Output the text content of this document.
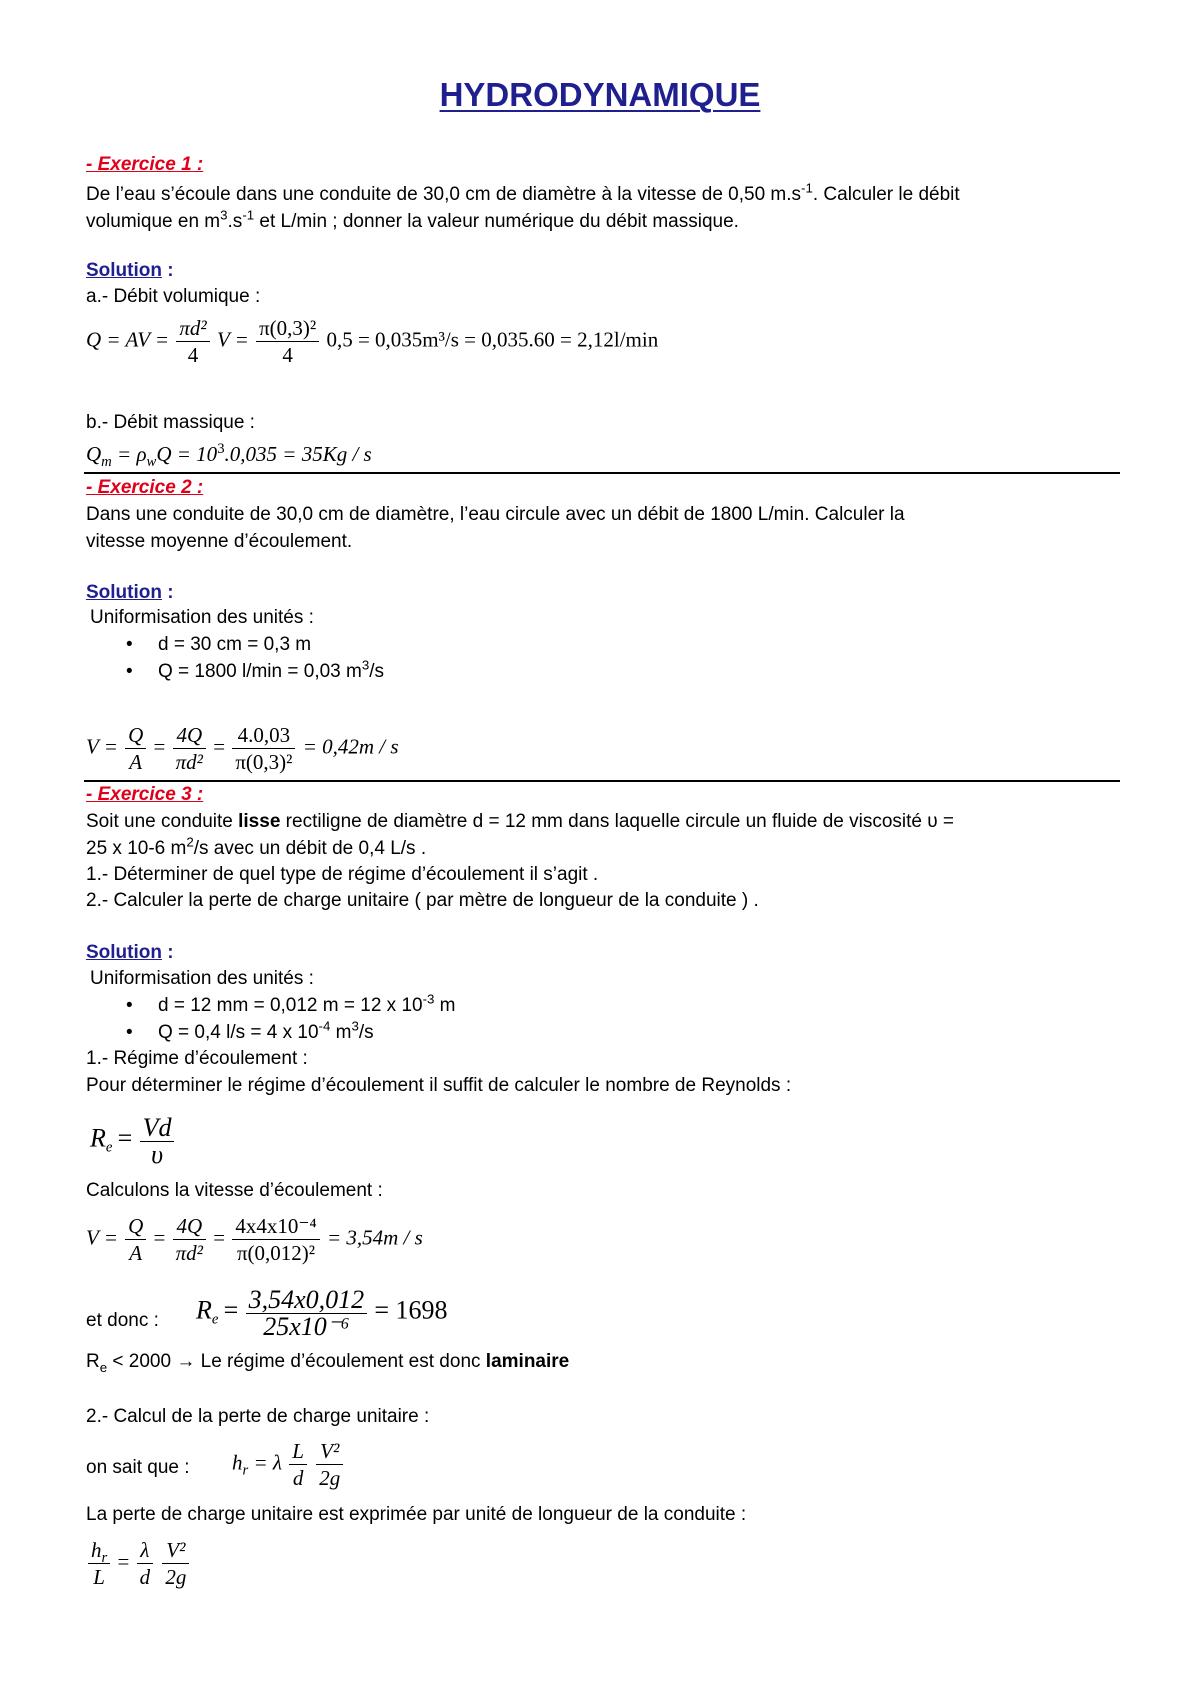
HYDRODYNAMIQUE
- Exercice 1 :
De l’eau s’écoule dans une conduite de 30,0 cm de diamètre à la vitesse de 0,50 $m.s^{-1}$. Calculer le débit
volumique en $m^3.s^{-1}$ et L/min ; donner la valeur numérique du débit massique.
Solution :
a.- Débit volumique :
Q = AV = $\frac{\text{πd²}}{4}$ $V = \frac{\text{π(0,3)²}}{4} 0,5 = 0,035m^3/s = 0,035.60 = 2,12l/\min$
b.- Débit massique :
$Q_m = \rho_wQ = 10^3.0,035 = 35Kg / s$
- Exercice 2 :
Dans une conduite de 30,0 cm de diamètre, l’eau circule avec un débit de 1800 L/min. Calculer la
vitesse moyenne d’écoulement.
Solution :
Uniformisation des unités :
• d = 30 cm = 0,3 m
• Q = 1800 l/min = 0,03 $m^3/s$
$V = \frac{Q}{A} = \frac{4Q}{\text{πd²}} = \frac{4.0,03}{\text{π(0,3)²}} = 0,42m / s$
- Exercice 3 :
Soit une conduite lisse rectiligne de diamètre d = 12 mm dans laquelle circule un fluide de viscosité υ =
25 x 10-6 $m^2/s$ avec un débit de 0,4 L/s .
1.- Déterminer de quel type de régime d’écoulement il s’agit .
2.- Calculer la perte de charge unitaire ( par mètre de longueur de la conduite ) .
Solution :
Uniformisation des unités :
• d = 12 mm = 0,012 m = 12 x $10^{-3}$ m
• Q = 0,4 l/s = 4 x $10^{-4}$ $m^3/s$
1.- Régime d’écoulement :
Pour déterminer le régime d’écoulement il suffit de calculer le nombre de Reynolds :
$R_e = \frac{Vd}{\upsilon}$
Calculons la vitesse d’écoulement :
$V = \frac{Q}{A} = \frac{4Q}{\text{πd²}} = \frac{\text{4x4x10⁻⁴}}{\text{π(0,012)²}} = 3,54m / s$
et donc : $R_e = \frac{3,54x0,012}{\text{25x10⁻⁶}} = 1698$
$R_e < 2000 \to Le$ régime d’écoulement est donc laminaire
2.- Calcul de la perte de charge unitaire :
on sait que : $h_r = \lambda \frac{L}{d}$
$\frac{\text{V²}}{2g}$
La perte de charge unitaire est exprimée par unité de longueur de la conduite :
$\frac{h_r}{L} = \frac{\lambda}{d}$
$\frac{\text{V²}}{2g}$
